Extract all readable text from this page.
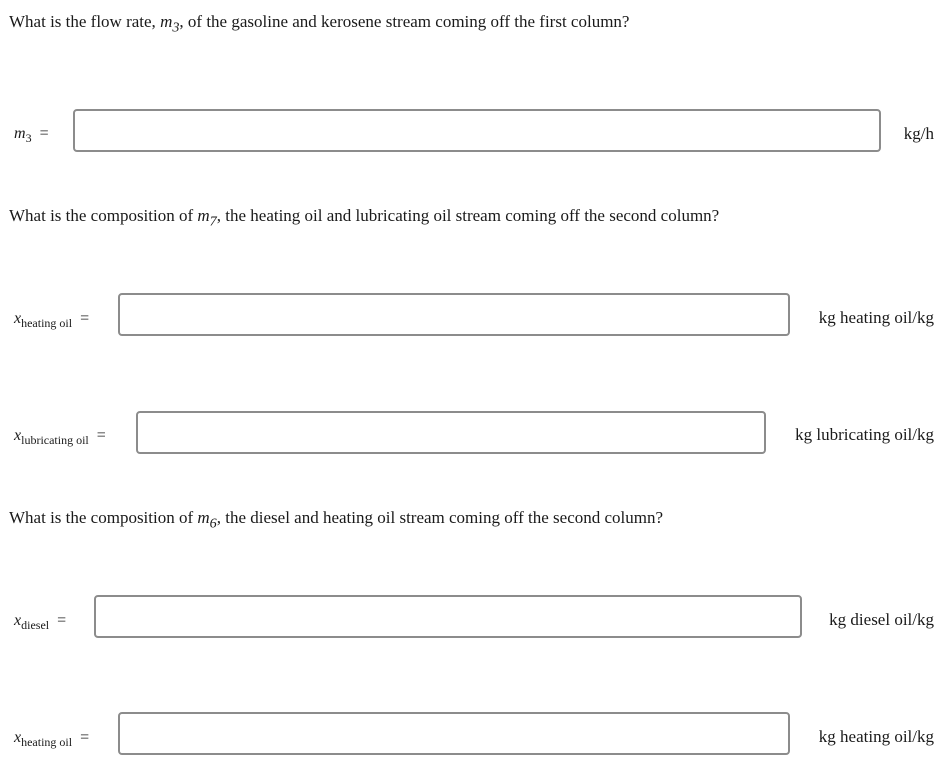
What is the flow rate, $m_3$, of the gasoline and kerosene stream coming off the first column?
$m_3$ =	kg/h
What is the composition of $m_7$, the heating oil and lubricating oil stream coming off the second column?
$x_{heating oil}$ =	kg heating oil/kg
$x_{lubricating oil}$ =	kg lubricating oil/kg
What is the composition of $m_6$, the diesel and heating oil stream coming off the second column?
$x_{diesel}$ =	kg diesel oil/kg
$x_{heating oil}$ =	kg heating oil/kg
